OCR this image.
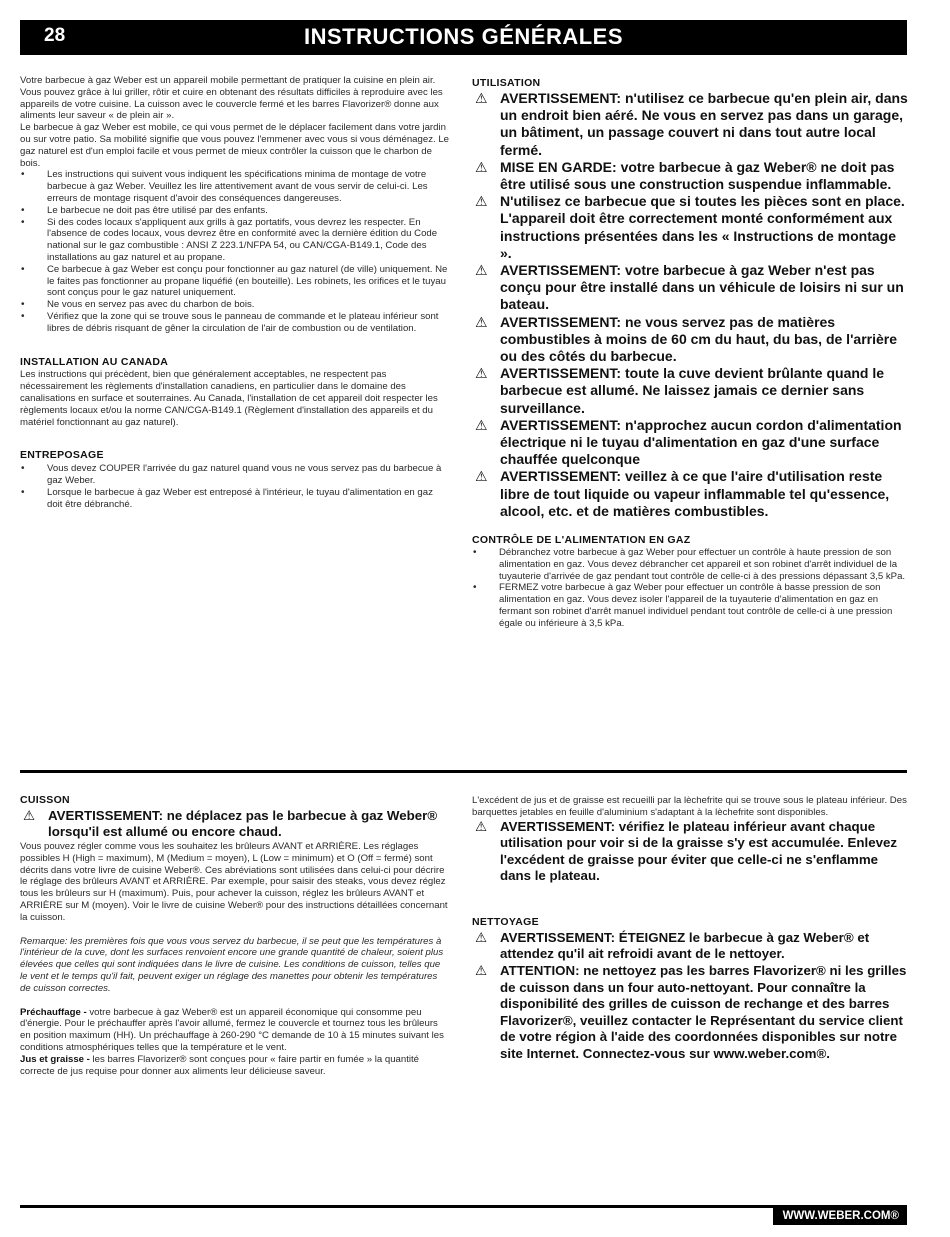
28	INSTRUCTIONS GÉNÉRALES

Votre barbecue à gaz Weber est un appareil mobile permettant de pratiquer la cuisine en plein air. Vous pouvez grâce à lui griller, rôtir et cuire en obtenant des résultats difficiles à reproduire avec les appareils de votre cuisine. La cuisson avec le couvercle fermé et les barres Flavorizer® donne aux aliments leur saveur « de plein air ».

Le barbecue à gaz Weber est mobile, ce qui vous permet de le déplacer facilement dans votre jardin ou sur votre patio. Sa mobilité signifie que vous pouvez l'emmener avec vous si vous déménagez. Le gaz naturel est d'un emploi facile et vous permet de mieux contrôler la cuisson que le charbon de bois.

• Les instructions qui suivent vous indiquent les spécifications minima de montage de votre barbecue à gaz Weber. Veuillez les lire attentivement avant de vous servir de celui-ci. Les erreurs de montage risquent d'avoir des conséquences dangereuses.
• Le barbecue ne doit pas être utilisé par des enfants.
• Si des codes locaux s'appliquent aux grills à gaz portatifs, vous devrez les respecter. En l'absence de codes locaux, vous devrez être en conformité avec la dernière édition du Code national sur le gaz combustible : ANSI Z 223.1/NFPA 54, ou CAN/CGA-B149.1, Code des installations au gaz naturel et au propane.
• Ce barbecue à gaz Weber est conçu pour fonctionner au gaz naturel (de ville) uniquement. Ne le faites pas fonctionner au propane liquéfié (en bouteille). Les robinets, les orifices et le tuyau sont conçus pour le gaz naturel uniquement.
• Ne vous en servez pas avec du charbon de bois.
• Vérifiez que la zone qui se trouve sous le panneau de commande et le plateau inférieur sont libres de débris risquant de gêner la circulation de l'air de combustion ou de ventilation.
INSTALLATION AU CANADA

Les instructions qui précèdent, bien que généralement acceptables, ne respectent pas nécessairement les règlements d'installation canadiens, en particulier dans le domaine des canalisations en surface et souterraines. Au Canada, l'installation de cet appareil doit respecter les règlements locaux et/ou la norme CAN/CGA-B149.1 (Règlement d'installation des appareils et du matériel fonctionnant au gaz naturel).

ENTREPOSAGE
• Vous devez COUPER l'arrivée du gaz naturel quand vous ne vous servez pas du barbecue à gaz Weber.
• Lorsque le barbecue à gaz Weber est entreposé à l'intérieur, le tuyau d'alimentation en gaz doit être débranché.
UTILISATION
⚠ AVERTISSEMENT: n'utilisez ce barbecue qu'en plein air, dans un endroit bien aéré. Ne vous en servez pas dans un garage, un bâtiment, un passage couvert ni dans tout autre local fermé.
⚠ MISE EN GARDE: votre barbecue à gaz Weber® ne doit pas être utilisé sous une construction suspendue inflammable.
⚠ N'utilisez ce barbecue que si toutes les pièces sont en place. L'appareil doit être correctement monté conformément aux instructions présentées dans les « Instructions de montage ».
⚠ AVERTISSEMENT: votre barbecue à gaz Weber n'est pas conçu pour être installé dans un véhicule de loisirs ni sur un bateau.
⚠ AVERTISSEMENT: ne vous servez pas de matières combustibles à moins de 60 cm du haut, du bas, de l'arrière ou des côtés du barbecue.
⚠ AVERTISSEMENT: toute la cuve devient brûlante quand le barbecue est allumé. Ne laissez jamais ce dernier sans surveillance.
⚠ AVERTISSEMENT: n'approchez aucun cordon d'alimentation électrique ni le tuyau d'alimentation en gaz d'une surface chauffée quelconque
⚠ AVERTISSEMENT: veillez à ce que l'aire d'utilisation reste libre de tout liquide ou vapeur inflammable tel qu'essence, alcool, etc. et de matières combustibles.
CONTRÔLE DE L'ALIMENTATION EN GAZ
• Débranchez votre barbecue à gaz Weber pour effectuer un contrôle à haute pression de son alimentation en gaz. Vous devez débrancher cet appareil et son robinet d'arrêt individuel de la tuyauterie d'arrivée de gaz pendant tout contrôle de celle-ci à des pressions dépassant 3,5 kPa.
• FERMEZ votre barbecue à gaz Weber pour effectuer un contrôle à basse pression de son alimentation en gaz. Vous devez isoler l'appareil de la tuyauterie d'alimentation en gaz en fermant son robinet d'arrêt manuel individuel pendant tout contrôle de celle-ci à une pression égale ou inférieure à 3,5 kPa.
CUISSON
⚠ AVERTISSEMENT: ne déplacez pas le barbecue à gaz Weber® lorsqu'il est allumé ou encore chaud.

Vous pouvez régler comme vous les souhaitez les brûleurs AVANT et ARRIÈRE. Les réglages possibles H (High = maximum), M (Medium = moyen), L (Low = minimum) et O (Off = fermé) sont décrits dans votre livre de cuisine Weber®. Ces abréviations sont utilisées dans celui-ci pour décrire le réglage des brûleurs AVANT et ARRIÈRE. Par exemple, pour saisir des steaks, vous devez réglez tous les brûleurs sur H (maximum). Puis, pour achever la cuisson, réglez les brûleurs AVANT et ARRIÈRE sur M (moyen). Voir le livre de cuisine Weber® pour des instructions détaillées concernant la cuisson.

Remarque: les premières fois que vous vous servez du barbecue, il se peut que les températures à l'intérieur de la cuve, dont les surfaces renvoient encore une grande quantité de chaleur, soient plus élevées que celles qui sont indiquées dans le livre de cuisine. Les conditions de cuisson, telles que le vent et le temps qu'il fait, peuvent exiger un réglage des manettes pour obtenir les températures de cuisson correctes.

Préchauffage - votre barbecue à gaz Weber® est un appareil économique qui consomme peu d'énergie. Pour le préchauffer après l'avoir allumé, fermez le couvercle et tournez tous les brûleurs en position maximum (HH). Un préchauffage à 260-290 °C demande de 10 à 15 minutes suivant les conditions atmosphériques telles que la température et le vent.

Jus et graisse - les barres Flavorizer® sont conçues pour « faire partir en fumée » la quantité correcte de jus requise pour donner aux aliments leur délicieuse saveur.

L'excédent de jus et de graisse est recueilli par la lèchefrite qui se trouve sous le plateau inférieur. Des barquettes jetables en feuille d'aluminium s'adaptant à la lèchefrite sont disponibles.

⚠ AVERTISSEMENT: vérifiez le plateau inférieur avant chaque utilisation pour voir si de la graisse s'y est accumulée. Enlevez l'excédent de graisse pour éviter que celle-ci ne s'enflamme dans le plateau.
NETTOYAGE
⚠ AVERTISSEMENT: ÉTEIGNEZ le barbecue à gaz Weber® et attendez qu'il ait refroidi avant de le nettoyer.
⚠ ATTENTION: ne nettoyez pas les barres Flavorizer® ni les grilles de cuisson dans un four auto-nettoyant. Pour connaître la disponibilité des grilles de cuisson de rechange et des barres Flavorizer®, veuillez contacter le Représentant du service client de votre région à l'aide des coordonnées disponibles sur notre site Internet. Connectez-vous sur www.weber.com®.
WWW.WEBER.COM®
